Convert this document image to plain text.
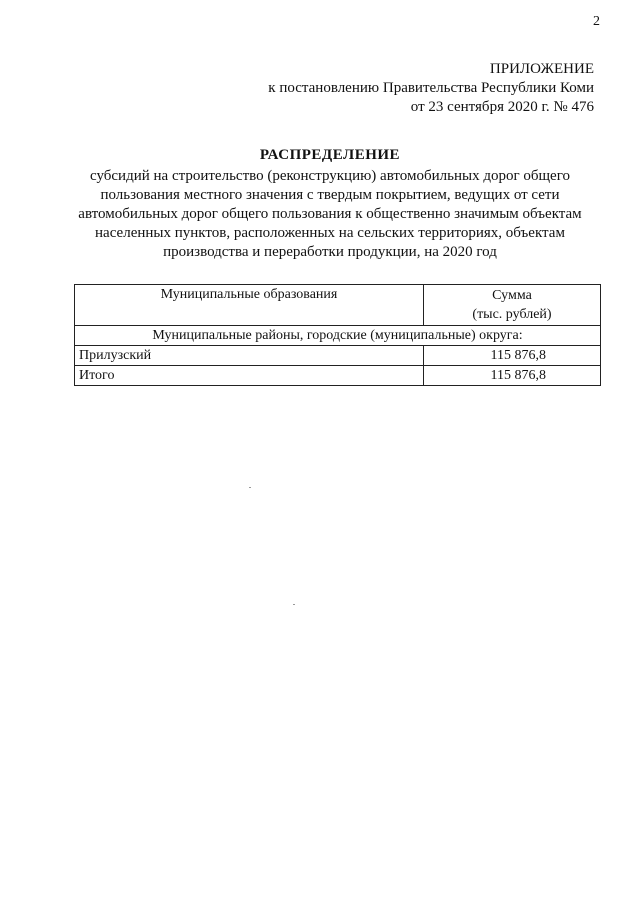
2
ПРИЛОЖЕНИЕ
к постановлению Правительства Республики Коми
от 23 сентября 2020 г. № 476
РАСПРЕДЕЛЕНИЕ
субсидий на строительство (реконструкцию) автомобильных дорог общего
пользования местного значения с твердым покрытием, ведущих от сети
автомобильных дорог общего пользования к общественно значимым объектам
населенных пунктов, расположенных на сельских территориях, объектам
производства и переработки продукции, на 2020 год
Муниципальные образования	Сумма
(тыс. рублей)

Муниципальные районы, городские (муниципальные) округа:	
Прилузский	115 876,8
Итого	115 876,8
